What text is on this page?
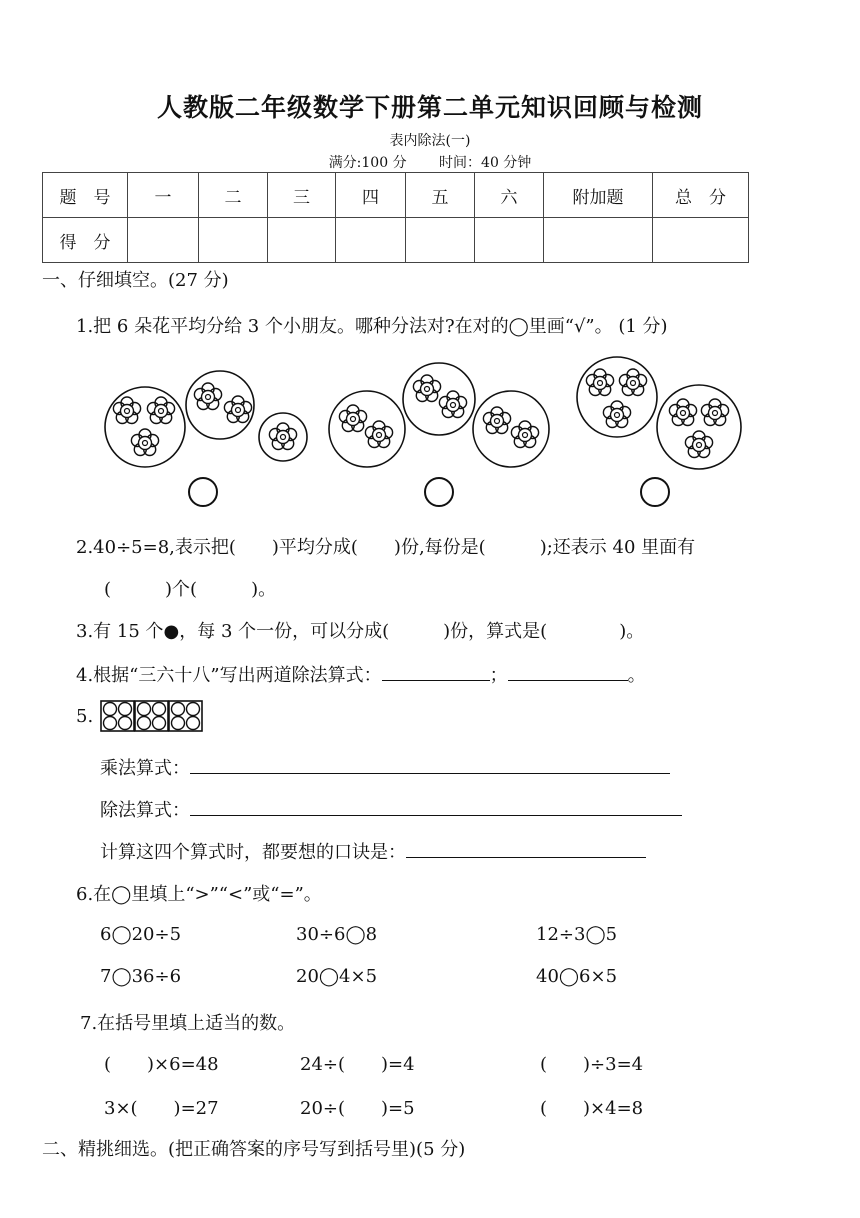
人教版二年级数学下册第二单元知识回顾与检测
表内除法(一)
满分:100 分 时间：40 分钟
题　号	一	二	三	四	五	六	附加题	总　分
得　分								
一、仔细填空。(27 分)
1.把 6 朵花平均分给 3 个小朋友。哪种分法对?在对的◯里画“√”。 (1 分)
2.40÷5=8,表示把(　　)平均分成(　　)份,每份是(　　　);还表示 40 里面有
(　　　)个(　　　)。
3.有 15 个●，每 3 个一份，可以分成(　　　)份，算式是(　　　　)。
4.根据“三六十八”写出两道除法算式：	；	。
5.
乘法算式：
除法算式：
计算这四个算式时，都要想的口诀是：
6.在◯里填上“>”“<”或“=”。
6◯20÷5	30÷6◯8	12÷3◯5
7◯36÷6	20◯4×5	40◯6×5
7.在括号里填上适当的数。
(　　)×6=48	24÷(　　)=4	(　　)÷3=4
3×(　　)=27	20÷(　　)=5	(　　)×4=8
二、精挑细选。(把正确答案的序号写到括号里)(5 分)
